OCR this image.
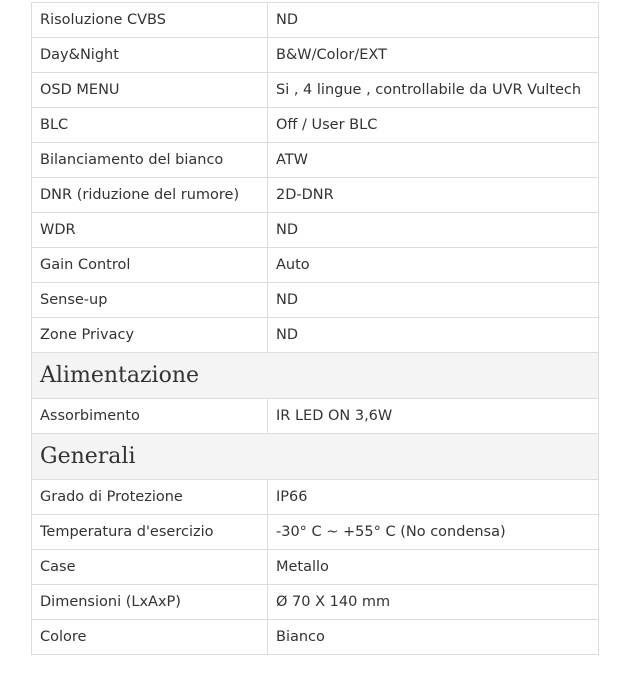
Risoluzione CVBS	ND
Day&Night	B&W/Color/EXT
OSD MENU	Si , 4 lingue , controllabile da UVR Vultech
BLC	Off / User BLC
Bilanciamento del bianco	ATW
DNR (riduzione del rumore)	2D-DNR
WDR	ND
Gain Control	Auto
Sense-up	ND
Zone Privacy	ND
Alimentazione	
Assorbimento	IR LED ON 3,6W
Generali	
Grado di Protezione	IP66
Temperatura d'esercizio	-30° C ~ +55° C (No condensa)
Case	Metallo
Dimensioni (LxAxP)	Ø 70 X 140 mm
Colore	Bianco
